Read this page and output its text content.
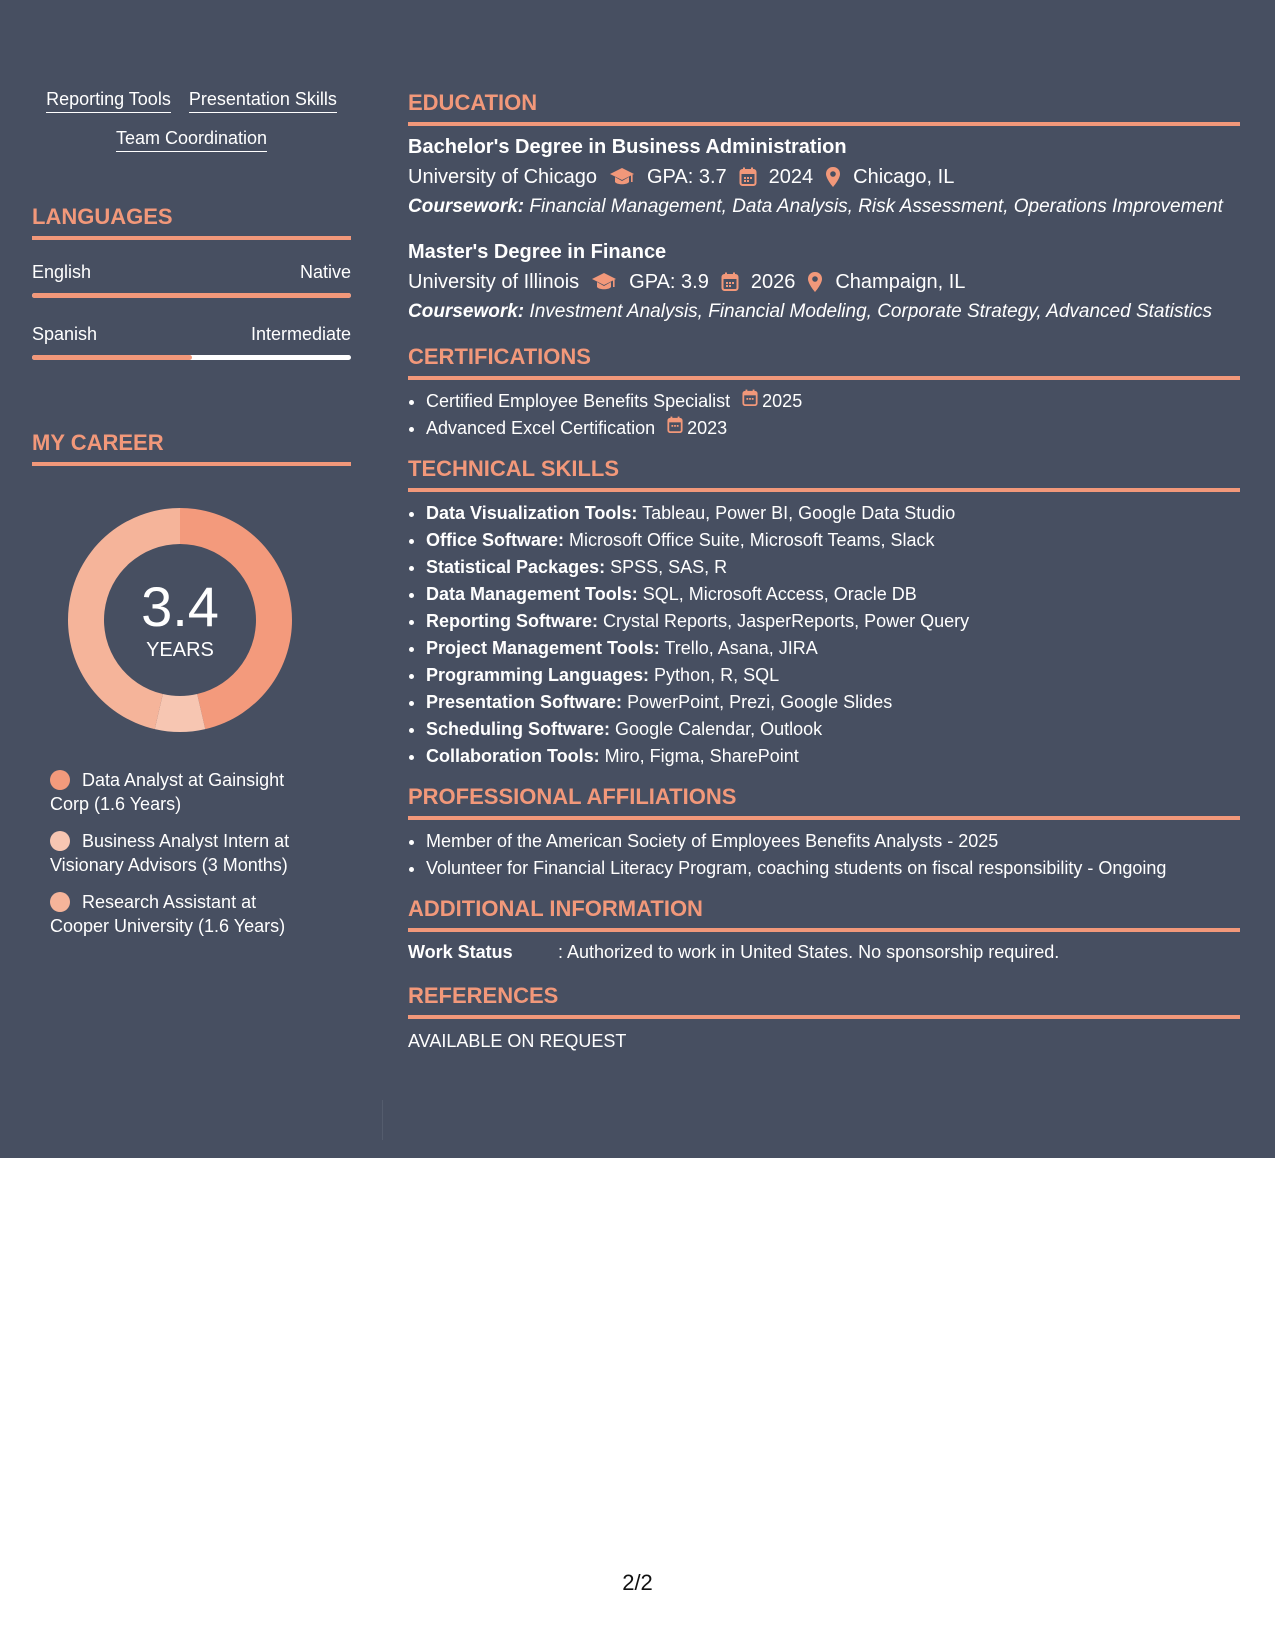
Reporting Tools Presentation Skills
Team Coordination
LANGUAGES
English	Native
Spanish	Intermediate
MY CAREER
3.4
YEARS
Data Analyst at Gainsight Corp (1.6 Years)
Business Analyst Intern at Visionary Advisors (3 Months)
Research Assistant at Cooper University (1.6 Years)
EDUCATION
Bachelor's Degree in Business Administration
University of Chicago	GPA: 3.7 2024 Chicago, IL
Coursework: Financial Management, Data Analysis, Risk Assessment, Operations Improvement
Master's Degree in Finance
University of Illinois	GPA: 3.9 2026 Champaign, IL
Coursework: Investment Analysis, Financial Modeling, Corporate Strategy, Advanced Statistics
CERTIFICATIONS
• Certified Employee Benefits Specialist 2025
• Advanced Excel Certification 2023
TECHNICAL SKILLS
• Data Visualization Tools: Tableau, Power BI, Google Data Studio
• Office Software: Microsoft Office Suite, Microsoft Teams, Slack
• Statistical Packages: SPSS, SAS, R
• Data Management Tools: SQL, Microsoft Access, Oracle DB
• Reporting Software: Crystal Reports, JasperReports, Power Query
• Project Management Tools: Trello, Asana, JIRA
• Programming Languages: Python, R, SQL
• Presentation Software: PowerPoint, Prezi, Google Slides
• Scheduling Software: Google Calendar, Outlook
• Collaboration Tools: Miro, Figma, SharePoint
PROFESSIONAL AFFILIATIONS
• Member of the American Society of Employees Benefits Analysts - 2025
• Volunteer for Financial Literacy Program, coaching students on fiscal responsibility - Ongoing
ADDITIONAL INFORMATION
Work Status	: Authorized to work in United States. No sponsorship required.
REFERENCES
AVAILABLE ON REQUEST
2/2
